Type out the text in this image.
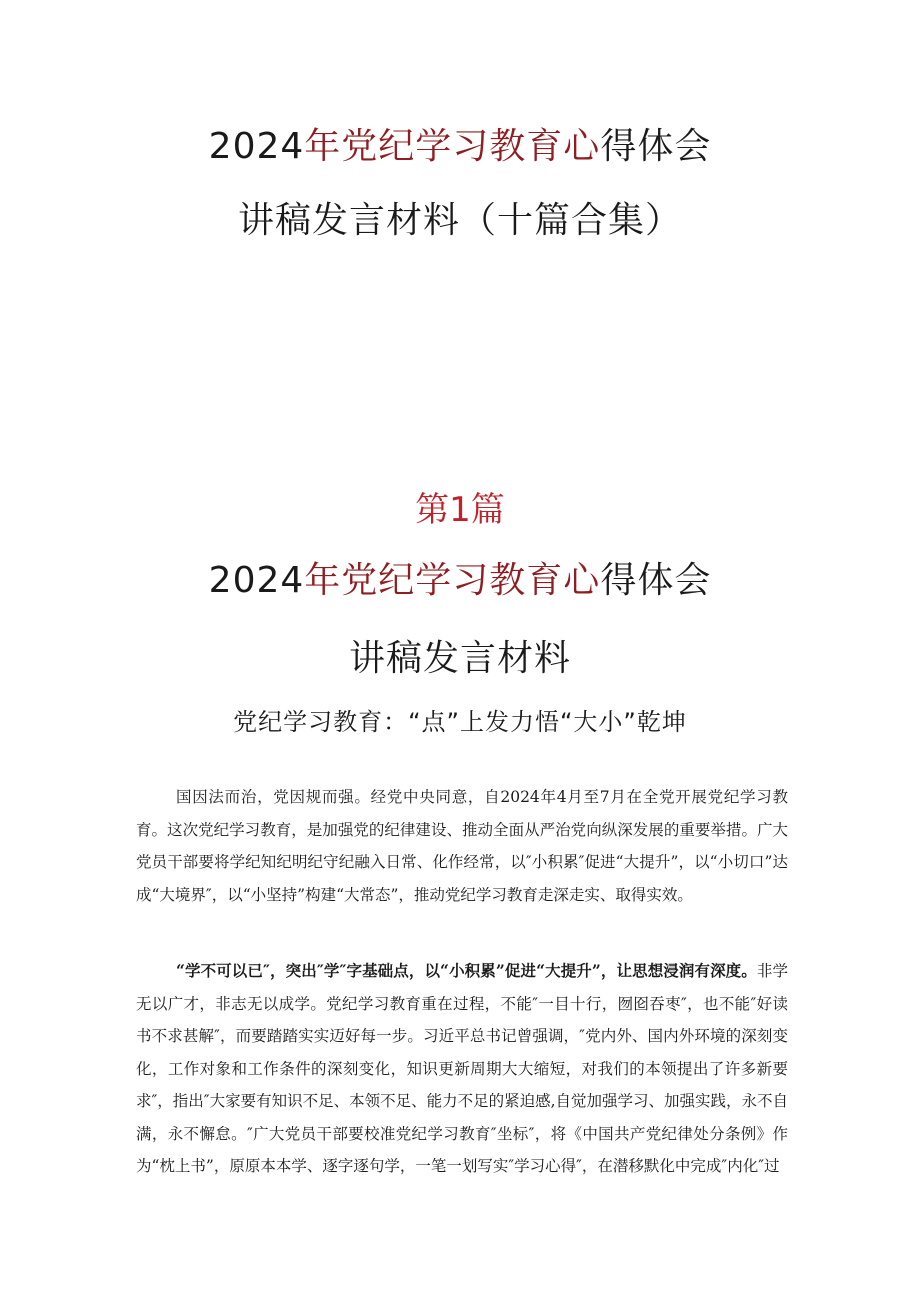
2024年党纪学习教育心得体会
讲稿发言材料（十篇合集）
第1篇
2024年党纪学习教育心得体会
讲稿发言材料
党纪学习教育：“点”上发力悟“大小”乾坤
国因法而治，党因规而强。经党中央同意，自2024年4月至7月在全党开展党纪学习教育。这次党纪学习教育，是加强党的纪律建设、推动全面从严治党向纵深发展的重要举措。广大党员干部要将学纪知纪明纪守纪融入日常、化作经常，以″小积累″促进“大提升”，以“小切口”达成“大境界″，以“小坚持”构建“大常态”，推动党纪学习教育走深走实、取得实效。
“学不可以已″，突出″学″字基础点，以“小积累”促进“大提升”，让思想浸润有深度。非学无以广才，非志无以成学。党纪学习教育重在过程，不能″一目十行，囫囵吞枣″，也不能″好读书不求甚解″，而要踏踏实实迈好每一步。习近平总书记曾强调，″党内外、国内外环境的深刻变化，工作对象和工作条件的深刻变化，知识更新周期大大缩短，对我们的本领提出了许多新要求″，指出″大家要有知识不足、本领不足、能力不足的紧迫感,自觉加强学习、加强实践，永不自满，永不懈怠。″广大党员干部要校准党纪学习教育″坐标″，将《中国共产党纪律处分条例》作为“枕上书”，原原本本学、逐字逐句学，一笔一划写实″学习心得″，在潜移默化中完成″内化″过
